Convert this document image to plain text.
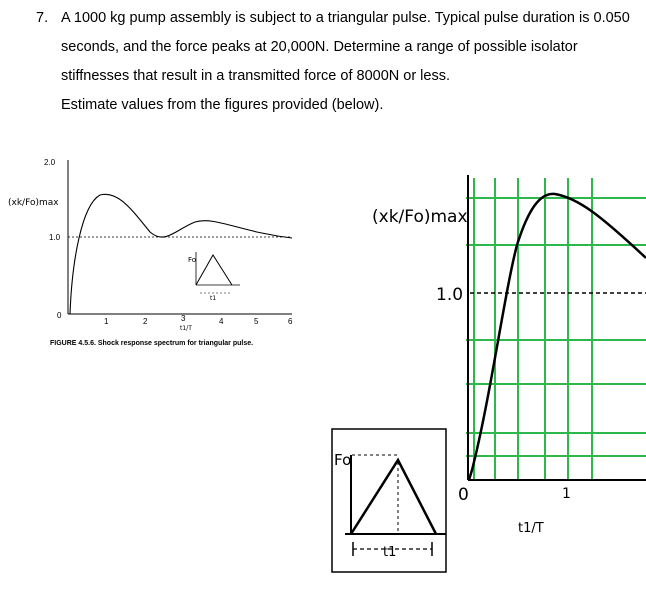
7. A 1000 kg pump assembly is subject to a triangular pulse. Typical pulse duration is 0.050
seconds, and the force peaks at 20,000N. Determine a range of possible isolator
stiffnesses that result in a transmitted force of 8000N or less.
Estimate values from the figures provided (below).
(xk/Fo)max
2.0
1.0
0
1	2	3	4	5	6
t1/T
Fo
t1
FIGURE 4.5.6. Shock response spectrum for triangular pulse.
(xk/Fo)max
1.0
0	1
t1/T
Fo
t1
